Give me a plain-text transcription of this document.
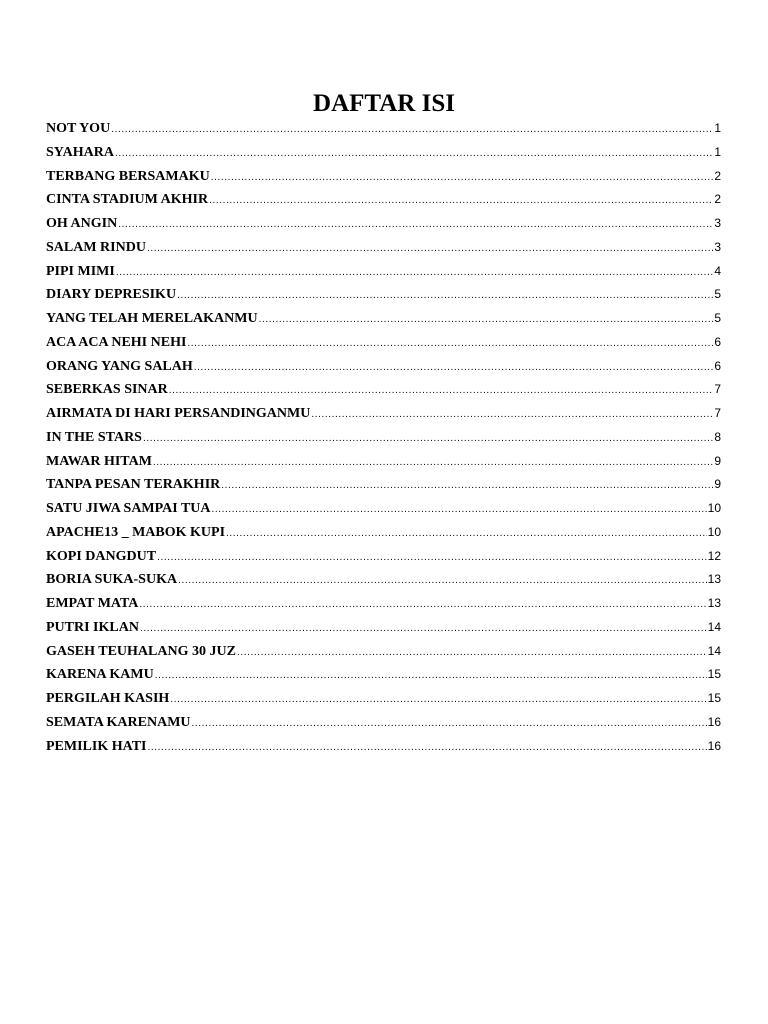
DAFTAR ISI
NOT YOU .....	1
SYAHARA .....	1
TERBANG BERSAMAKU .....	2
CINTA STADIUM AKHIR .....	2
OH ANGIN .....	3
SALAM RINDU .....	3
PIPI MIMI .....	4
DIARY DEPRESIKU .....	5
YANG TELAH MERELAKANMU .....	5
ACA ACA NEHI NEHI .....	6
ORANG YANG SALAH .....	6
SEBERKAS SINAR .....	7
AIRMATA DI HARI PERSANDINGANMU .....	7
IN THE STARS .....	8
MAWAR HITAM .....	9
TANPA PESAN TERAKHIR .....	9
SATU JIWA SAMPAI TUA .....	10
APACHE13 _ MABOK KUPI .....	10
KOPI DANGDUT .....	12
BORIA SUKA-SUKA .....	13
EMPAT MATA .....	13
PUTRI IKLAN .....	14
GASEH TEUHALANG 30 JUZ .....	14
KARENA KAMU .....	15
PERGILAH KASIH .....	15
SEMATA KARENAMU .....	16
PEMILIK HATI .....	16
